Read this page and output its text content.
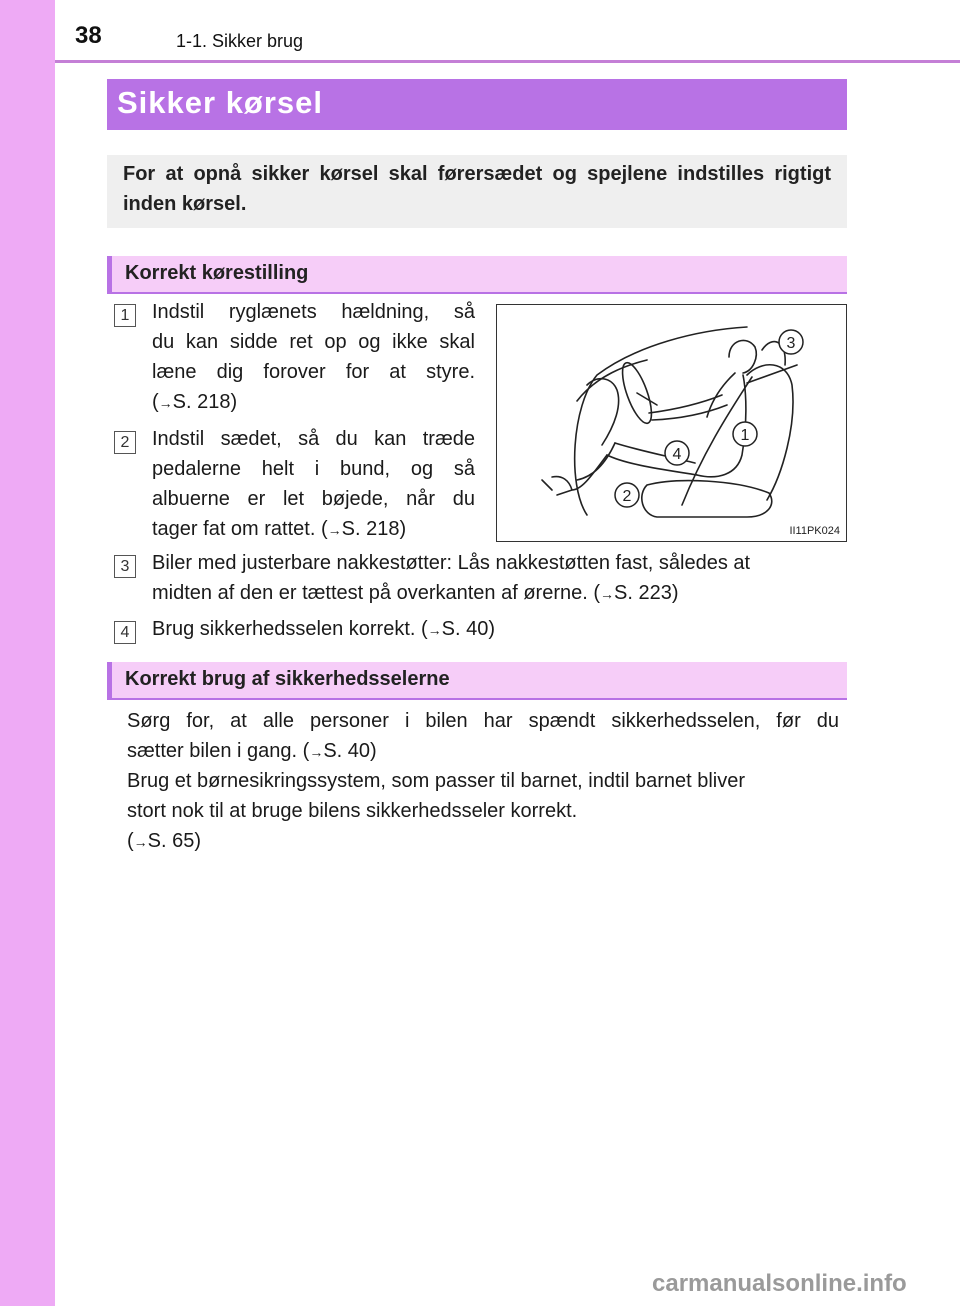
38	1-1. Sikker brug
Sikker kørsel

For at opnå sikker kørsel skal førersædet og spejlene indstilles rigtigt inden kørsel.

Korrekt kørestilling
1	Indstil ryglænets hældning, så
du kan sidde ret op og ikke skal
læne dig forover for at styre.
(→S. 218)
2	Indstil sædet, så du kan træde
pedalerne helt i bund, og så
albuerne er let bøjede, når du
tager fat om rattet. (→S. 218)
3
1
4
2
II11PK024
3	Biler med justerbare nakkestøtter: Lås nakkestøtten fast, således at
midten af den er tættest på overkanten af ørerne. (→S. 223)
4	Brug sikkerhedsselen korrekt. (→S. 40)
Korrekt brug af sikkerhedsselerne
Sørg for, at alle personer i bilen har spændt sikkerhedsselen, før du
sætter bilen i gang. (→S. 40)
Brug et børnesikringssystem, som passer til barnet, indtil barnet bliver
stort nok til at bruge bilens sikkerhedsseler korrekt.
(→S. 65)
carmanualsonline.info
